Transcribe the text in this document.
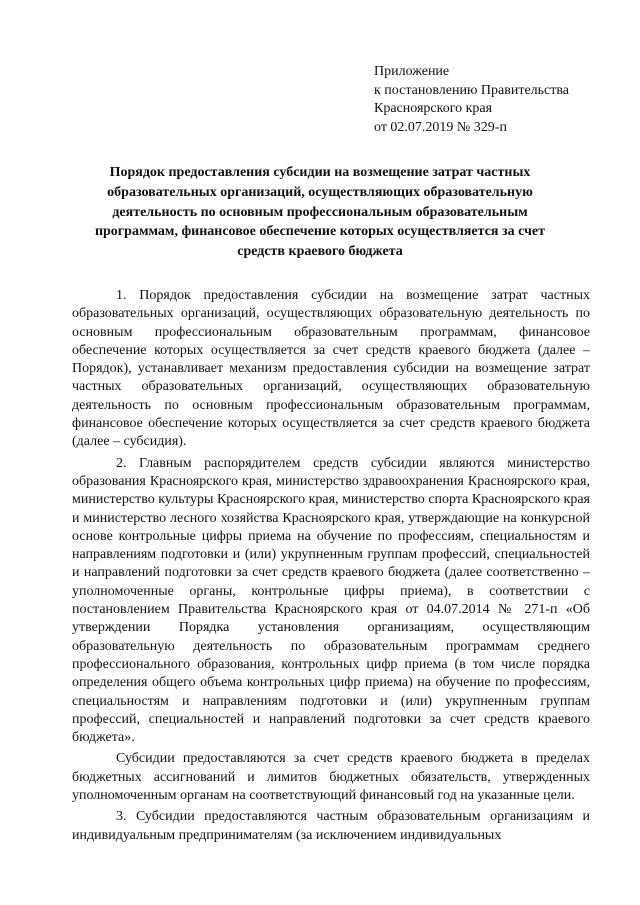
Приложение
к постановлению Правительства
Красноярского края
от 02.07.2019 № 329-п
Порядок предоставления субсидии на возмещение затрат частных образовательных организаций, осуществляющих образовательную деятельность по основным профессиональным образовательным программам, финансовое обеспечение которых осуществляется за счет средств краевого бюджета

1. Порядок предоставления субсидии на возмещение затрат частных образовательных организаций, осуществляющих образовательную деятельность по основным профессиональным образовательным программам, финансовое обеспечение которых осуществляется за счет средств краевого бюджета (далее – Порядок), устанавливает механизм предоставления субсидии на возмещение затрат частных образовательных организаций, осуществляющих образовательную деятельность по основным профессиональным образовательным программам, финансовое обеспечение которых осуществляется за счет средств краевого бюджета (далее – субсидия).

2. Главным распорядителем средств субсидии являются министерство образования Красноярского края, министерство здравоохранения Красноярского края, министерство культуры Красноярского края, министерство спорта Красноярского края и министерство лесного хозяйства Красноярского края, утверждающие на конкурсной основе контрольные цифры приема на обучение по профессиям, специальностям и направлениям подготовки и (или) укрупненным группам профессий, специальностей и направлений подготовки за счет средств краевого бюджета (далее соответственно – уполномоченные органы, контрольные цифры приема), в соответствии с постановлением Правительства Красноярского края от 04.07.2014 № 271-п «Об утверждении Порядка установления организациям, осуществляющим образовательную деятельность по образовательным программам среднего профессионального образования, контрольных цифр приема (в том числе порядка определения общего объема контрольных цифр приема) на обучение по профессиям, специальностям и направлениям подготовки и (или) укрупненным группам профессий, специальностей и направлений подготовки за счет средств краевого бюджета».

Субсидии предоставляются за счет средств краевого бюджета в пределах бюджетных ассигнований и лимитов бюджетных обязательств, утвержденных уполномоченным органам на соответствующий финансовый год на указанные цели.

3. Субсидии предоставляются частным образовательным организациям и индивидуальным предпринимателям (за исключением индивидуальных
